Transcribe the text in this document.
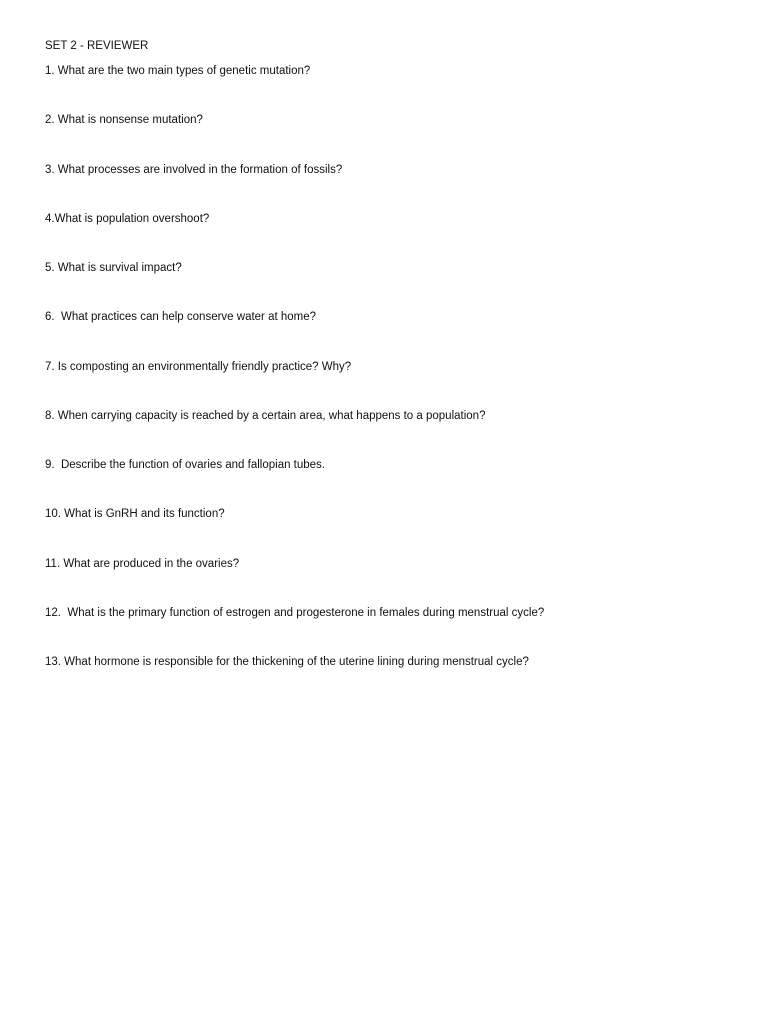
SET 2 - REVIEWER
1. What are the two main types of genetic mutation?
2. What is nonsense mutation?
3. What processes are involved in the formation of fossils?
4.What is population overshoot?
5. What is survival impact?
6.  What practices can help conserve water at home?
7. Is composting an environmentally friendly practice? Why?
8. When carrying capacity is reached by a certain area, what happens to a population?
9.  Describe the function of ovaries and fallopian tubes.
10. What is GnRH and its function?
11. What are produced in the ovaries?
12.  What is the primary function of estrogen and progesterone in females during menstrual cycle?
13. What hormone is responsible for the thickening of the uterine lining during menstrual cycle?
